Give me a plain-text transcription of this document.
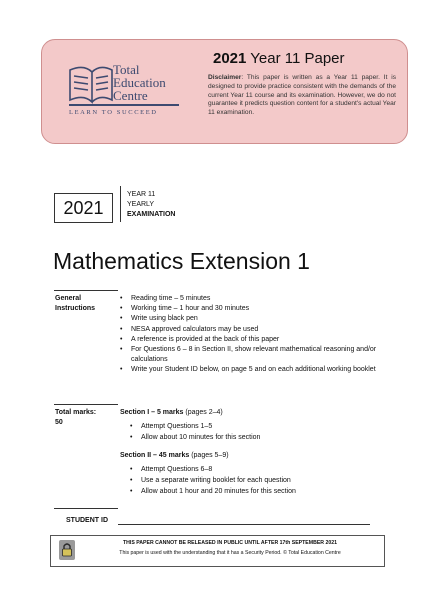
Total
Education
Centre
LEARN TO SUCCEED
2021 Year 11 Paper
Disclaimer: This paper is written as a Year 11 paper. It is designed to provide practice consistent with the demands of the current Year 11 course and its examination. However, we do not guarantee it predicts question content for a student's actual Year 11 examination.
2021
YEAR 11
YEARLY
EXAMINATION
Mathematics Extension 1
General
Instructions
• Reading time – 5 minutes
• Working time – 1 hour and 30 minutes
• Write using black pen
• NESA approved calculators may be used
• A reference is provided at the back of this paper
• For Questions 6 – 8 in Section II, show relevant mathematical reasoning and/or calculations
• Write your Student ID below, on page 5 and on each additional working booklet
Total marks:
50
Section I – 5 marks (pages 2–4)
• Attempt Questions 1–5
• Allow about 10 minutes for this section
Section II – 45 marks (pages 5–9)
• Attempt Questions 6–8
• Use a separate writing booklet for each question
• Allow about 1 hour and 20 minutes for this section
STUDENT ID
THIS PAPER CANNOT BE RELEASED IN PUBLIC UNTIL AFTER 17th SEPTEMBER 2021
This paper is used with the understanding that it has a Security Period. © Total Education Centre
